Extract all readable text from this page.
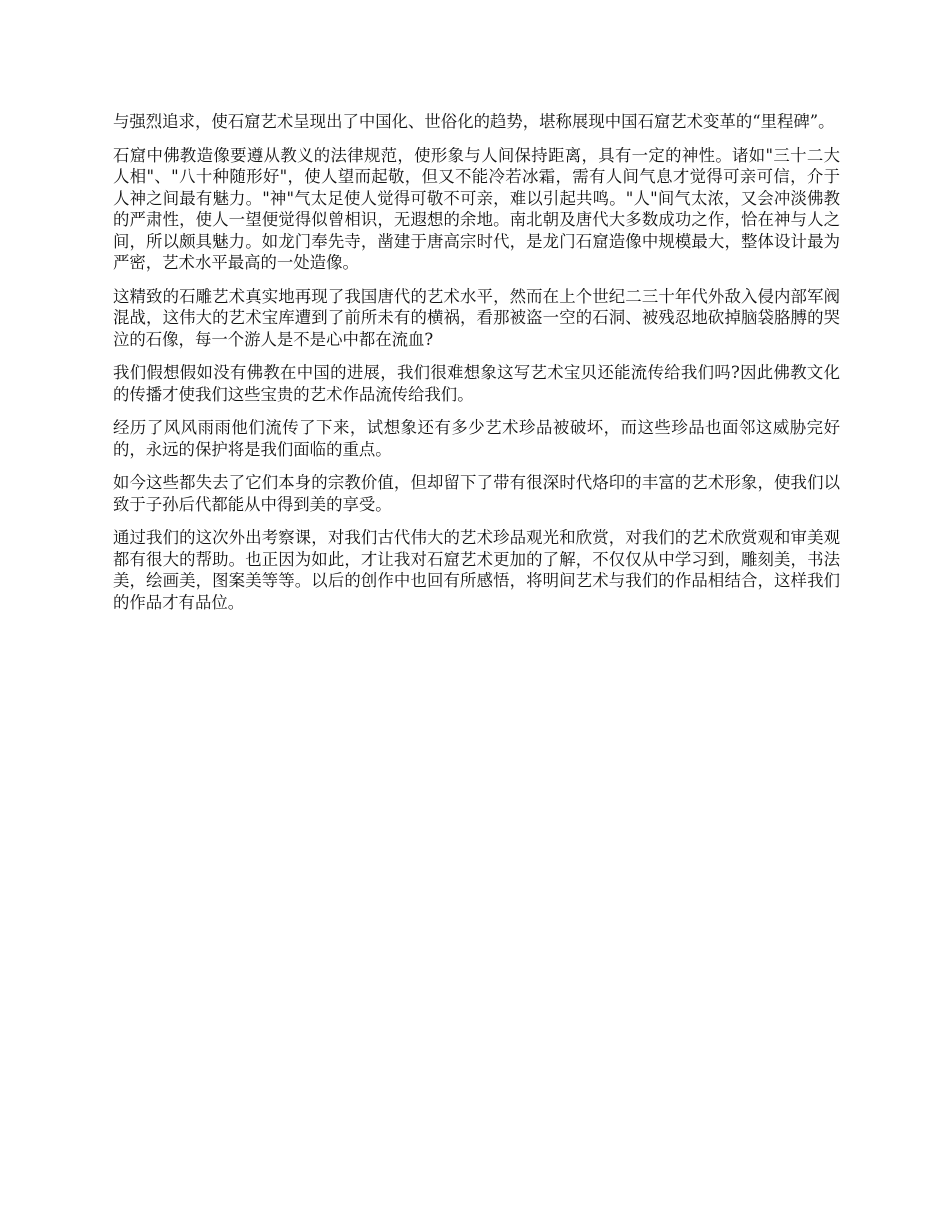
与强烈追求，使石窟艺术呈现出了中国化、世俗化的趋势，堪称展现中国石窟艺术变革的“里程碑”。

石窟中佛教造像要遵从教义的法律规范，使形象与人间保持距离，具有一定的神性。诸如"三十二大人相"、"八十种随形好"，使人望而起敬，但又不能冷若冰霜，需有人间气息才觉得可亲可信，介于人神之间最有魅力。"神"气太足使人觉得可敬不可亲，难以引起共鸣。"人"间气太浓，又会冲淡佛教的严肃性，使人一望便觉得似曾相识，无遐想的余地。南北朝及唐代大多数成功之作，恰在神与人之间，所以颇具魅力。如龙门奉先寺，凿建于唐高宗时代，是龙门石窟造像中规模最大，整体设计最为严密，艺术水平最高的一处造像。

这精致的石雕艺术真实地再现了我国唐代的艺术水平，然而在上个世纪二三十年代外敌入侵内部军阀混战，这伟大的艺术宝库遭到了前所未有的横祸，看那被盗一空的石洞、被残忍地砍掉脑袋胳膊的哭泣的石像，每一个游人是不是心中都在流血?

我们假想假如没有佛教在中国的进展，我们很难想象这写艺术宝贝还能流传给我们吗?因此佛教文化的传播才使我们这些宝贵的艺术作品流传给我们。

经历了风风雨雨他们流传了下来，试想象还有多少艺术珍品被破坏，而这些珍品也面邻这威胁完好的，永远的保护将是我们面临的重点。

如今这些都失去了它们本身的宗教价值，但却留下了带有很深时代烙印的丰富的艺术形象，使我们以致于子孙后代都能从中得到美的享受。

通过我们的这次外出考察课，对我们古代伟大的艺术珍品观光和欣赏，对我们的艺术欣赏观和审美观都有很大的帮助。也正因为如此，才让我对石窟艺术更加的了解，不仅仅从中学习到，雕刻美，书法美，绘画美，图案美等等。以后的创作中也回有所感悟，将明间艺术与我们的作品相结合，这样我们的作品才有品位。
